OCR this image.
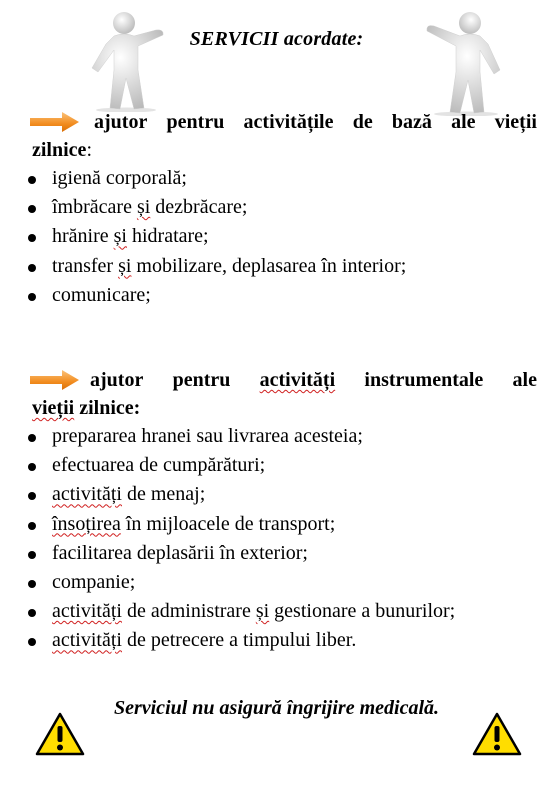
SERVICII acordate:
ajutor pentru activitățile de bază ale vieții
zilnice:
igienă corporală;
îmbrăcare și dezbrăcare;
hrănire și hidratare;
transfer și mobilizare, deplasarea în interior;
comunicare;
ajutor pentru activități instrumentale ale
vieții zilnice:
prepararea hranei sau livrarea acesteia;
efectuarea de cumpărături;
activități de menaj;
însoțirea în mijloacele de transport;
facilitarea deplasării în exterior;
companie;
activități de administrare și gestionare a bunurilor;
activități de petrecere a timpului liber.
Serviciul nu asigură îngrijire medicală.
